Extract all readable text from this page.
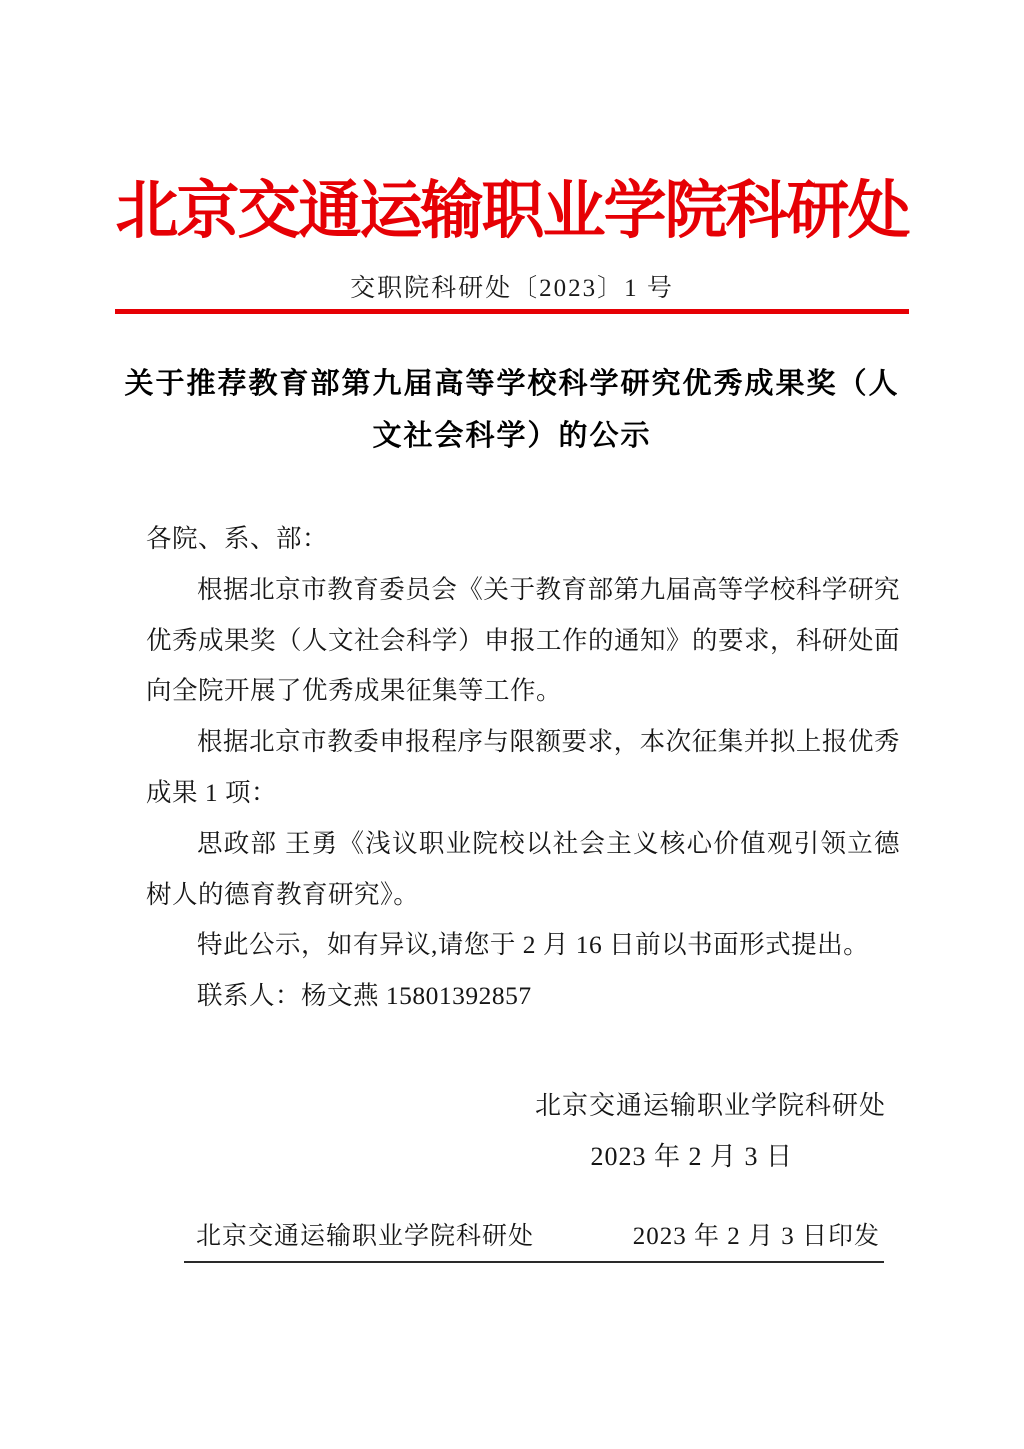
北京交通运输职业学院科研处
交职院科研处〔2023〕1 号
关于推荐教育部第九届高等学校科学研究优秀成果奖（人文社会科学）的公示

各院、系、部：

根据北京市教育委员会《关于教育部第九届高等学校科学研究优秀成果奖（人文社会科学）申报工作的通知》的要求，科研处面向全院开展了优秀成果征集等工作。

根据北京市教委申报程序与限额要求，本次征集并拟上报优秀成果 1 项：

思政部 王勇《浅议职业院校以社会主义核心价值观引领立德树人的德育教育研究》。

特此公示，如有异议,请您于 2 月 16 日前以书面形式提出。

联系人：杨文燕 15801392857

北京交通运输职业学院科研处
2023 年 2 月 3 日
北京交通运输职业学院科研处	2023 年 2 月 3 日印发
